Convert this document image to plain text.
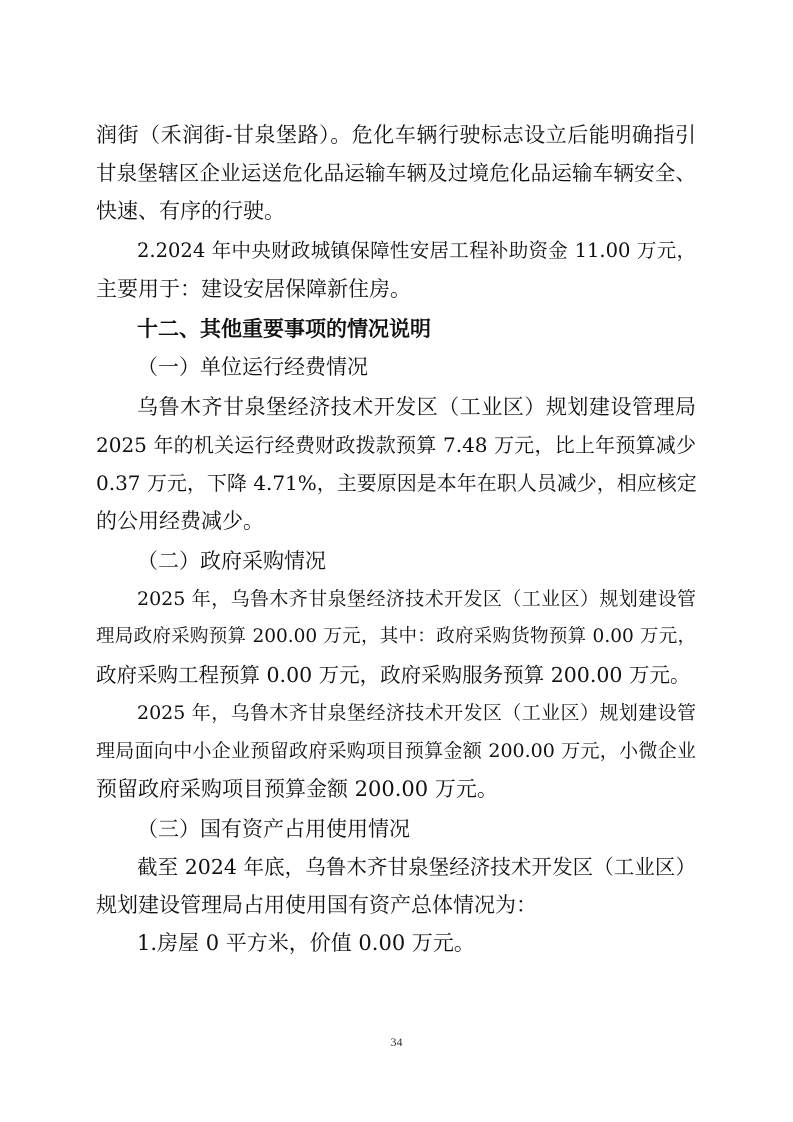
润街（禾润街-甘泉堡路）。危化车辆行驶标志设立后能明确指引
甘泉堡辖区企业运送危化品运输车辆及过境危化品运输车辆安全、
快速、有序的行驶。
2.2024 年中央财政城镇保障性安居工程补助资金 11.00 万元，
主要用于：建设安居保障新住房。
十二、其他重要事项的情况说明
（一）单位运行经费情况
乌鲁木齐甘泉堡经济技术开发区（工业区）规划建设管理局
2025 年的机关运行经费财政拨款预算 7.48 万元，比上年预算减少
0.37 万元，下降 4.71%，主要原因是本年在职人员减少，相应核定
的公用经费减少。
（二）政府采购情况
2025 年，乌鲁木齐甘泉堡经济技术开发区（工业区）规划建设管
理局政府采购预算 200.00 万元，其中：政府采购货物预算 0.00 万元，
政府采购工程预算 0.00 万元，政府采购服务预算 200.00 万元。
2025 年，乌鲁木齐甘泉堡经济技术开发区（工业区）规划建设管
理局面向中小企业预留政府采购项目预算金额 200.00 万元，小微企业
预留政府采购项目预算金额 200.00 万元。
（三）国有资产占用使用情况
截至 2024 年底，乌鲁木齐甘泉堡经济技术开发区（工业区）
规划建设管理局占用使用国有资产总体情况为：
1.房屋 0 平方米，价值 0.00 万元。
34
